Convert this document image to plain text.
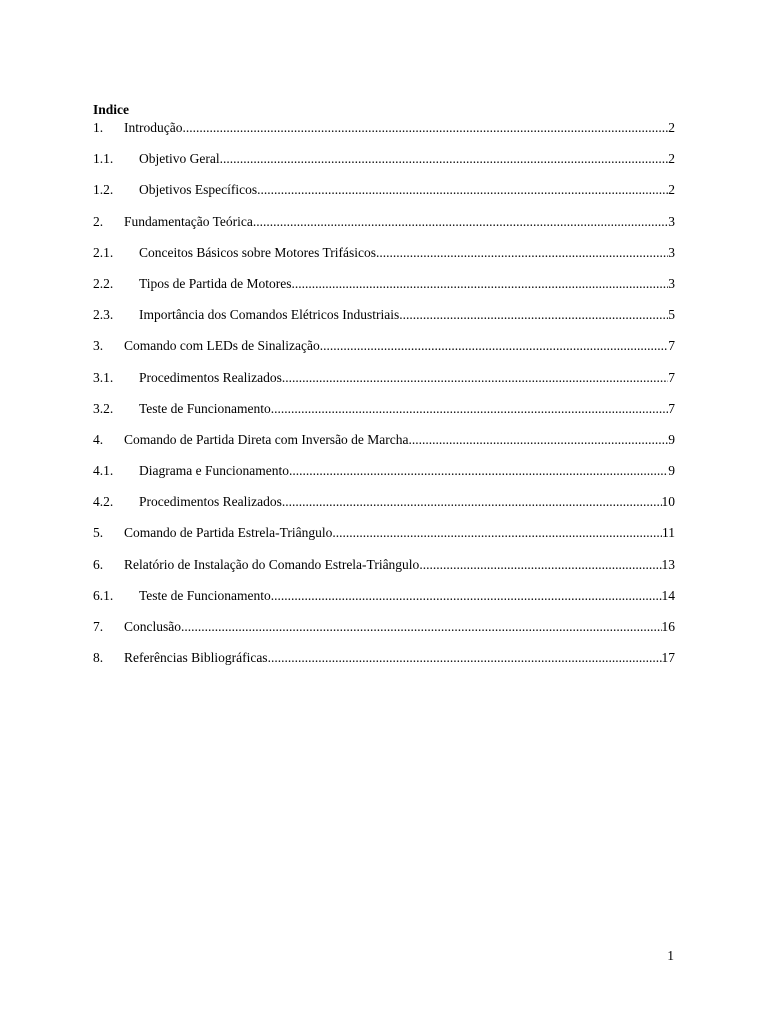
Indice
1.	Introdução .....	2
1.1.	Objetivo Geral .....	2
1.2.	Objetivos Específicos .....	2
2.	Fundamentação Teórica .....	3
2.1.	Conceitos Básicos sobre Motores Trifásicos .....	3
2.2.	Tipos de Partida de Motores .....	3
2.3.	Importância dos Comandos Elétricos Industriais .....	5
3.	Comando com LEDs de Sinalização .....	7
3.1.	Procedimentos Realizados .....	7
3.2.	Teste de Funcionamento .....	7
4.	Comando de Partida Direta com Inversão de Marcha .....	9
4.1.	Diagrama e Funcionamento .....	9
4.2.	Procedimentos Realizados .....	10
5.	Comando de Partida Estrela-Triângulo .....	11
6.	Relatório de Instalação do Comando Estrela-Triângulo .....	13
6.1.	Teste de Funcionamento .....	14
7.	Conclusão .....	16
8.	Referências Bibliográficas .....	17
1
